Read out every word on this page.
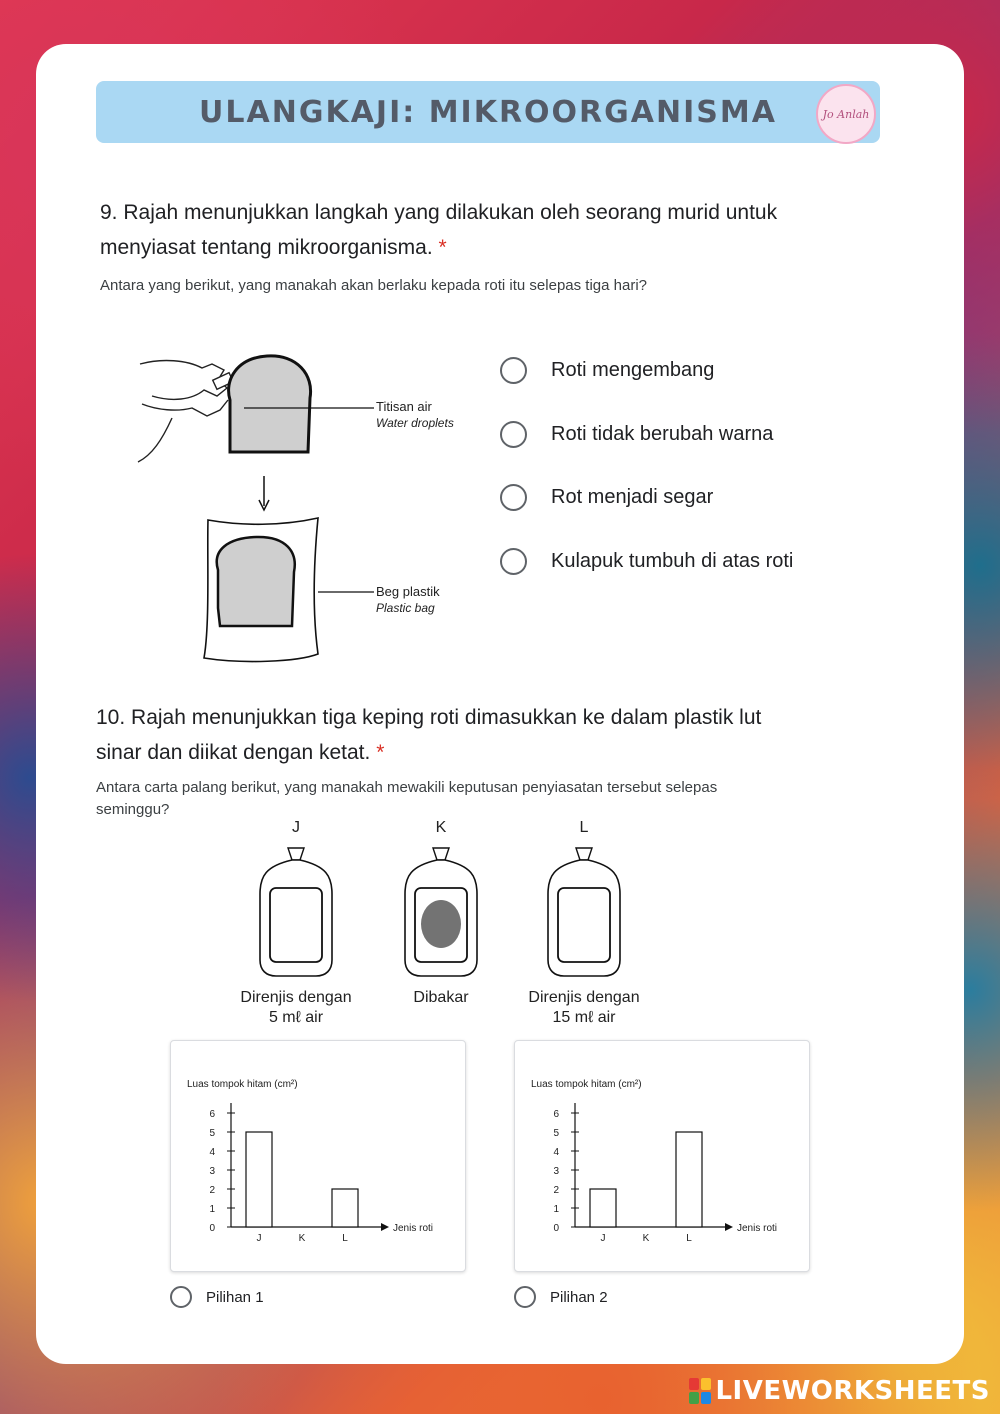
ULANGKAJI: MIKROORGANISMA	Jo Anlah
9. Rajah menunjukkan langkah yang dilakukan oleh seorang murid untuk
menyiasat tentang mikroorganisma. *
Antara yang berikut, yang manakah akan berlaku kepada roti itu selepas tiga hari?
Titisan air
Water droplets
Beg plastik
Plastic bag
Roti mengembang
Roti tidak berubah warna
Rot menjadi segar
Kulapuk tumbuh di atas roti
10. Rajah menunjukkan tiga keping roti dimasukkan ke dalam plastik lut
sinar dan diikat dengan ketat. *
Antara carta palang berikut, yang manakah mewakili keputusan penyiasatan tersebut selepas
seminggu?
J
Direnjis dengan
5 mℓ air
K
Dibakar
L
Direnjis dengan
15 mℓ air
Luas tompok hitam (cm²)
Jenis roti
0
1
2
3
4
5
6
J	K	L
Luas tompok hitam (cm²)
Jenis roti
0
1
2
3
4
5
6
J	K	L
Pilihan 1	Pilihan 2
LIVEWORKSHEETS
